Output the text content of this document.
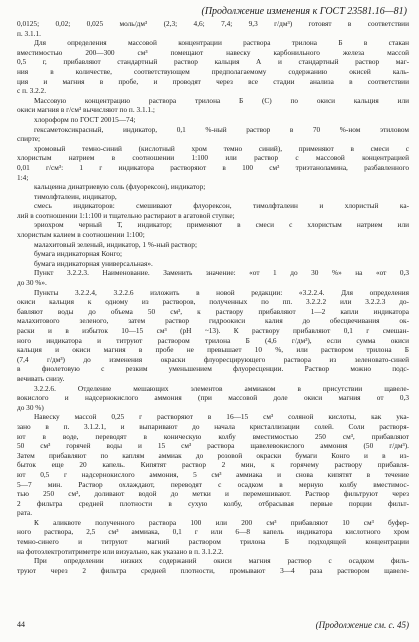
(Продолжение изменения к ГОСТ 23581.16—81)
0,0125; 0,02; 0,025 моль/дм³ (2,3; 4,6; 7,4; 9,3 г/дм³) готовят в соответствии
п. 3.1.1.
Для определения массовой концентрации раствора трилона Б в стакан
вместимостью 200—300 см³ помещают навеску карбонильного железа массой
0,5 г, прибавляют стандартный раствор кальция А и стандартный раствор маг-
ния в количестве, соответствующем предполагаемому содержанию окисей каль-
ция и магния в пробе, и проводят через все стадии анализа в соответствии
с п. 3.2.2.
Массовую концентрацию раствора трилона Б (С) по окиси кальция или
окиси магния в г/см³ вычисляют по п. 3.1.1.;
хлороформ по ГОСТ 20015—74;
гексаметоксикрасный, индикатор, 0,1 %-ный раствор в 70 %-ном этиловом
спирте;
хромовый темно-синий (кислотный хром темно синий), применяют в смеси с
хлористым натрием в соотношении 1:100 или раствор с массовой концентрацией
0,01 г/см³: 1 г индикатора растворяют в 100 см³ триэтаноламина, разбавленного
1:4;
кальцеина динатриевую соль (флуорексон), индикатор;
тимолфталеин, индикатор,
смесь индикаторов: смешивают флуорексон, тимолфталеин и хлористый ка-
лий в соотношении 1:1:100 и тщательно растирают в агатовой ступке;
эриохром черный Т, индикатор; применяют в смеси с хлористым натрием или
хлористым калием в соотношении 1:100;
малахитовый зеленый, индикатор, 1 %-ный раствор;
бумага индикаторная Конго;
бумага индикаторная универсальная».
Пункт 3.2.2.3. Наименование. Заменить значение: «от 1 до 30 %» на «от 0,3
до 30 %».
Пункты 3.2.2.4, 3.2.2.6 изложить в новой редакции: «3.2.2.4. Для определения
окиси кальция к одному из растворов, полученных по пп. 3.2.2.2 или 3.2.2.3 до-
бавляют воды до объема 50 см³, к раствору прибавляют 1—2 капли индикатора
малахитового зеленого, затем раствор гидроокиси калия до обесцвечивания ок-
раски и в избыток 10—15 см³ (pH ~13). К раствору прибавляют 0,1 г смешан-
ного индикатора и титруют раствором трилона Б (4,6 г/дм³), если сумма окиси
кальция и окиси магния в пробе не превышает 10 %, или раствором трилона Б
(7,4 г/дм³) до изменения окраски флуоресцирующего раствора из зеленовато-синей
в фиолетовую с резким уменьшением флуоресценции. Раствор можно подс-
вечивать снизу.
3.2.2.6. Отделение мешающих элементов аммиаком в присутствии щавеле-
вокислого и надсернокислого аммония (при массовой доле окиси магния от 0,3
до 30 %)
Навеску массой 0,25 г растворяют в 16—15 см³ соляной кислоты, как ука-
зано в п. 3.1.2.1, и выпаривают до начала кристаллизации солей. Соли растворя-
ют в воде, переводят в коническую колбу вместимостью 250 см³, прибавляют
50 см³ горячей воды и 15 см³ раствора щавелевокислого аммония (50 г/дм³).
Затем прибавляют по каплям аммиак до розовой окраски бумаги Конго и в из-
быток еще 20 капель. Кипятят раствор 2 мин, к горячему раствору прибавля-
ют 0,5 г надсернокислого аммония, 5 см³ аммиака и снова кипятят в течение
5—7 мин. Раствор охлаждают, переводят с осадком в мерную колбу вместимос-
тью 250 см³, доливают водой до метки и перемешивают. Раствор фильтруют через
2 фильтра средней плотности в сухую колбу, отбрасывая первые порции фильт-
рата.
К аликвоте полученного раствора 100 или 200 см³ прибавляют 10 см³ буфер-
ного раствора, 2,5 см³ аммиака, 0,1 г или 6—8 капель индикатора кислотного хром
темно-синего и титруют магний раствором трилона Б подходящей концентрации
на фотоэлектротитриметре или визуально, как указано в п. 3.1.2.2.
При определении низких содержаний окиси магния раствор с осадком филь-
труют через 2 фильтра средней плотности, промывают 3—4 раза раствором щавеле-
44	(Продолжение см. с. 45)
